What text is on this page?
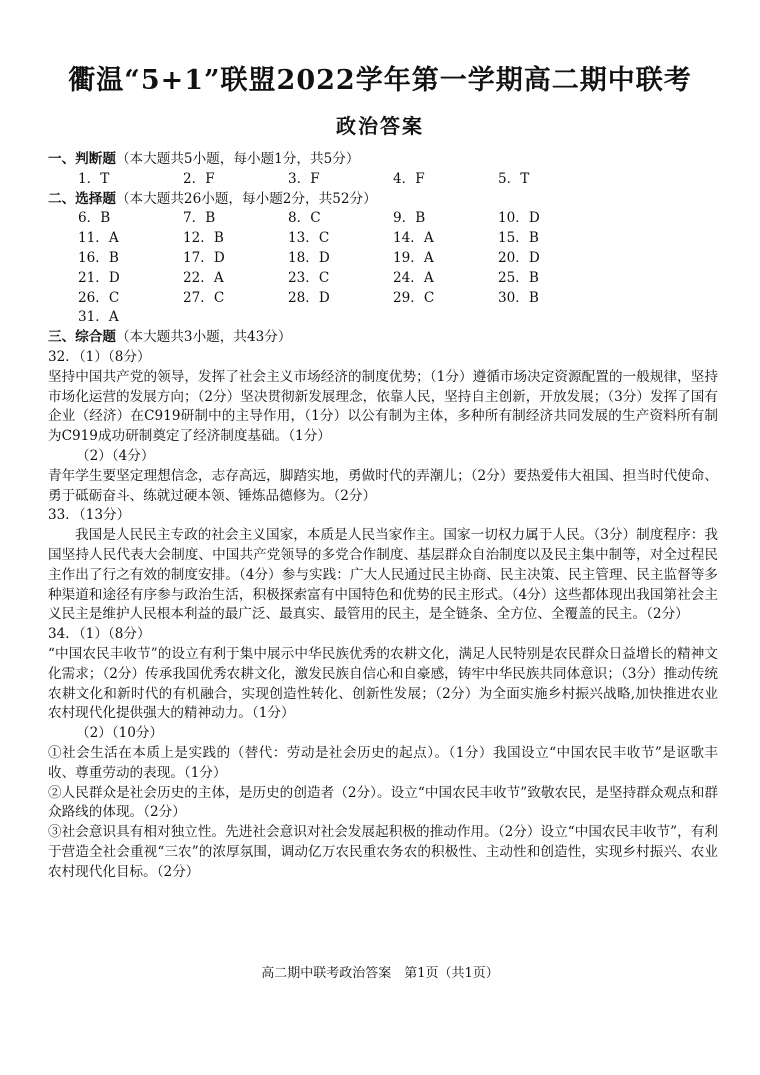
衢温“5+1”联盟2022学年第一学期高二期中联考
政治答案
一、判断题（本大题共5小题，每小题1分，共5分）
1．T	2．F	3．F	4．F	5．T
二、选择题（本大题共26小题，每小题2分，共52分）
6．B	7．B	8．C	9．B	10．D
11．A	12．B	13．C	14．A	15．B
16．B	17．D	18．D	19．A	20．D
21．D	22．A	23．C	24．A	25．B
26．C	27．C	28．D	29．C	30．B
31．A
三、综合题（本大题共3小题，共43分）
32．（1）（8分）
坚持中国共产党的领导，发挥了社会主义市场经济的制度优势；（1分）遵循市场决定资源配置的一般规律，坚持市场化运营的发展方向；（2分）坚决贯彻新发展理念，依靠人民，坚持自主创新，开放发展；（3分）发挥了国有企业（经济）在C919研制中的主导作用，（1分）以公有制为主体，多种所有制经济共同发展的生产资料所有制为C919成功研制奠定了经济制度基础。（1分）
（2）（4分）
青年学生要坚定理想信念，志存高远，脚踏实地，勇做时代的弄潮儿；（2分）要热爱伟大祖国、担当时代使命、勇于砥砺奋斗、练就过硬本领、锤炼品德修为。（2分）
33．（13分）
我国是人民民主专政的社会主义国家，本质是人民当家作主。国家一切权力属于人民。（3分）制度程序：我国坚持人民代表大会制度、中国共产党领导的多党合作制度、基层群众自治制度以及民主集中制等，对全过程民主作出了行之有效的制度安排。（4分）参与实践：广大人民通过民主协商、民主决策、民主管理、民主监督等多种渠道和途径有序参与政治生活，积极探索富有中国特色和优势的民主形式。（4分）这些都体现出我国第社会主义民主是维护人民根本利益的最广泛、最真实、最管用的民主，是全链条、全方位、全覆盖的民主。（2分）
34．（1）（8分）
“中国农民丰收节”的设立有利于集中展示中华民族优秀的农耕文化，满足人民特别是农民群众日益增长的精神文化需求；（2分）传承我国优秀农耕文化，激发民族自信心和自豪感，铸牢中华民族共同体意识；（3分）推动传统农耕文化和新时代的有机融合，实现创造性转化、创新性发展；（2分）为全面实施乡村振兴战略,加快推进农业农村现代化提供强大的精神动力。（1分）
（2）（10分）
①社会生活在本质上是实践的（替代：劳动是社会历史的起点）。（1分）我国设立“中国农民丰收节”是讴歌丰收、尊重劳动的表现。（1分）
②人民群众是社会历史的主体，是历史的创造者（2分）。设立“中国农民丰收节”致敬农民，是坚持群众观点和群众路线的体现。（2分）
③社会意识具有相对独立性。先进社会意识对社会发展起积极的推动作用。（2分）设立“中国农民丰收节”，有利于营造全社会重视“三农”的浓厚氛围，调动亿万农民重农务农的积极性、主动性和创造性，实现乡村振兴、农业农村现代化目标。（2分）
高二期中联考政治答案　第1页（共1页）
